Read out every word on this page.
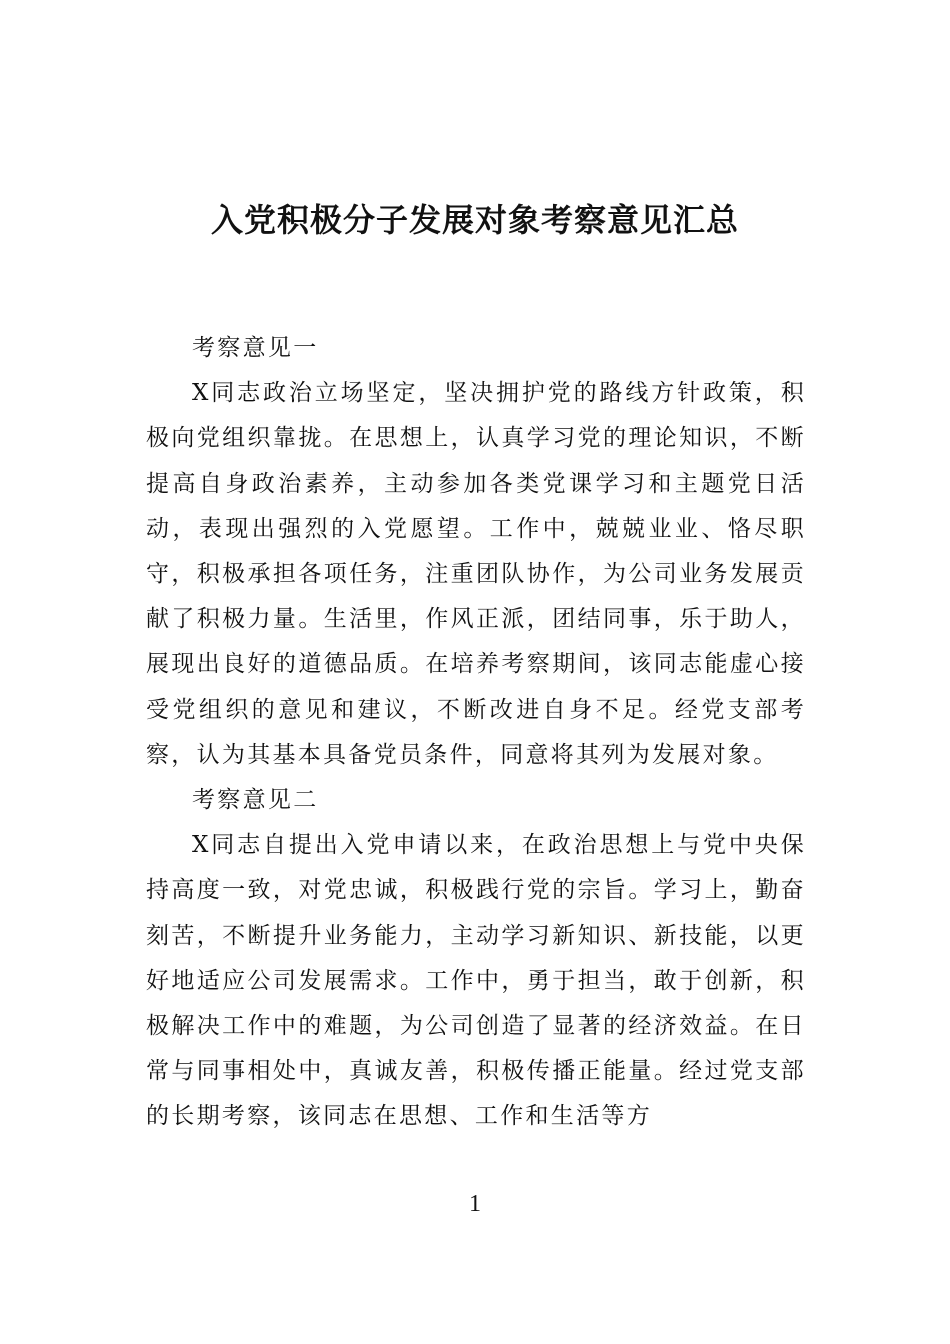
入党积极分子发展对象考察意见汇总

考察意见一

X同志政治立场坚定，坚决拥护党的路线方针政策，积极向党组织靠拢。在思想上，认真学习党的理论知识，不断提高自身政治素养，主动参加各类党课学习和主题党日活动，表现出强烈的入党愿望。工作中，兢兢业业、恪尽职守，积极承担各项任务，注重团队协作，为公司业务发展贡献了积极力量。生活里，作风正派，团结同事，乐于助人，展现出良好的道德品质。在培养考察期间，该同志能虚心接受党组织的意见和建议，不断改进自身不足。经党支部考察，认为其基本具备党员条件，同意将其列为发展对象。

考察意见二

X同志自提出入党申请以来，在政治思想上与党中央保持高度一致，对党忠诚，积极践行党的宗旨。学习上，勤奋刻苦，不断提升业务能力，主动学习新知识、新技能，以更好地适应公司发展需求。工作中，勇于担当，敢于创新，积极解决工作中的难题，为公司创造了显著的经济效益。在日常与同事相处中，真诚友善，积极传播正能量。经过党支部的长期考察，该同志在思想、工作和生活等方

1
